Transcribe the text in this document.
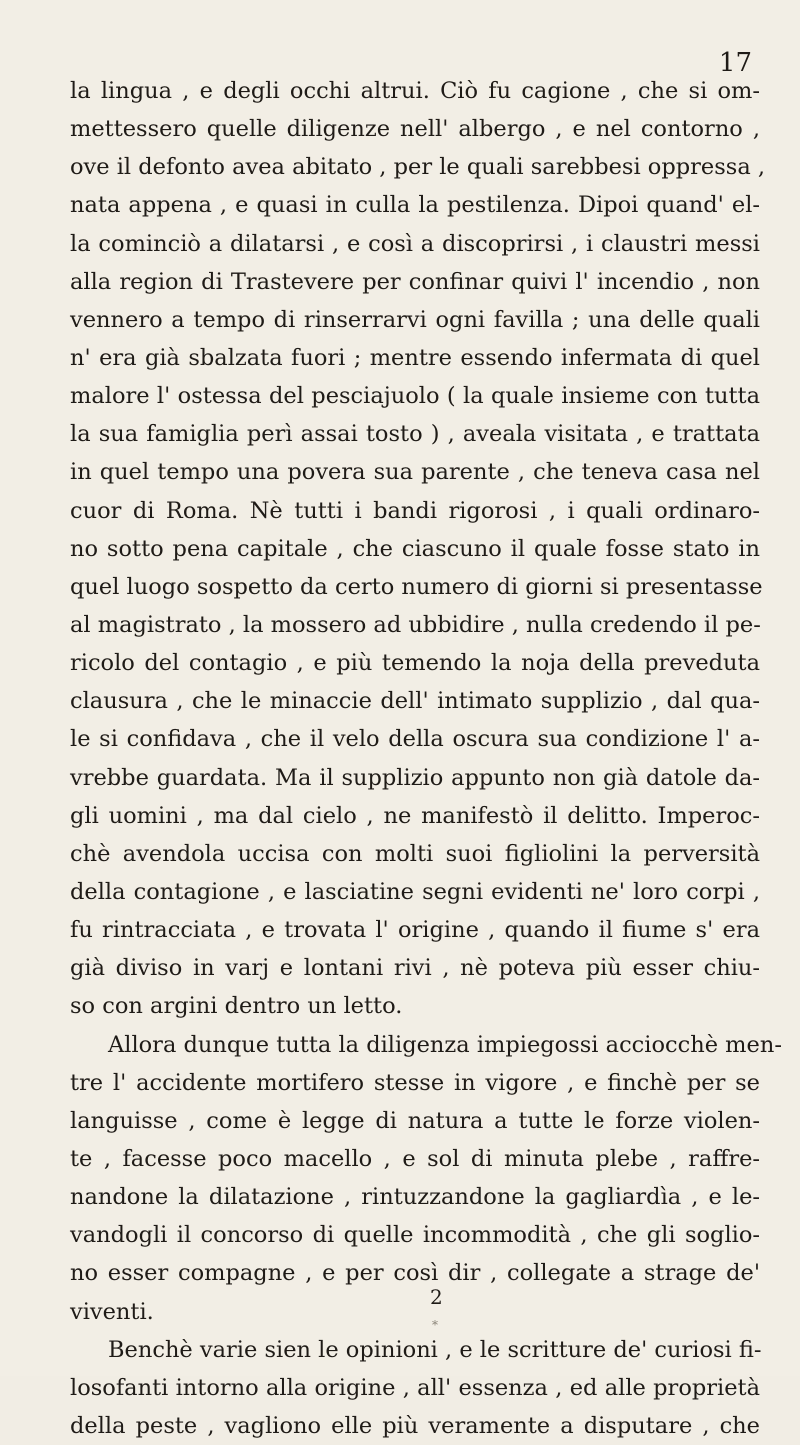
17
la lingua , e degli occhi altrui. Ciò fu cagione , che si om-
mettessero quelle diligenze nell' albergo , e nel contorno ,
ove il defonto avea abitato , per le quali sarebbesi oppressa ,
nata appena , e quasi in culla la pestilenza. Dipoi quand' el-
la cominciò a dilatarsi , e così a discoprirsi , i claustri messi
alla region di Trastevere per confinar quivi l' incendio , non
vennero a tempo di rinserrarvi ogni favilla ; una delle quali
n' era già sbalzata fuori ; mentre essendo infermata di quel
malore l' ostessa del pesciajuolo ( la quale insieme con tutta
la sua famiglia perì assai tosto ) , aveala visitata , e trattata
in quel tempo una povera sua parente , che teneva casa nel
cuor di Roma. Nè tutti i bandi rigorosi , i quali ordinaro-
no sotto pena capitale , che ciascuno il quale fosse stato in
quel luogo sospetto da certo numero di giorni si presentasse
al magistrato , la mossero ad ubbidire , nulla credendo il pe-
ricolo del contagio , e più temendo la noja della preveduta
clausura , che le minaccie dell' intimato supplizio , dal qua-
le si confidava , che il velo della oscura sua condizione l' a-
vrebbe guardata. Ma il supplizio appunto non già datole da-
gli uomini , ma dal cielo , ne manifestò il delitto. Imperoc-
chè avendola uccisa con molti suoi figliolini la perversità
della contagione , e lasciatine segni evidenti ne' loro corpi ,
fu rintracciata , e trovata l' origine , quando il fiume s' era
già diviso in varj e lontani rivi , nè poteva più esser chiu-
so con argini dentro un letto.
Allora dunque tutta la diligenza impiegossi acciocchè men-
tre l' accidente mortifero stesse in vigore , e finchè per se
languisse , come è legge di natura a tutte le forze violen-
te , facesse poco macello , e sol di minuta plebe , raffre-
nandone la dilatazione , rintuzzandone la gagliardìa , e le-
vandogli il concorso di quelle incommodità , che gli soglio-
no esser compagne , e per così dir , collegate a strage de'
viventi.
Benchè varie sien le opinioni , e le scritture de' curiosi fi-
losofanti intorno alla origine , all' essenza , ed alle proprietà
della peste , vagliono elle più veramente a disputare , che
2
*
